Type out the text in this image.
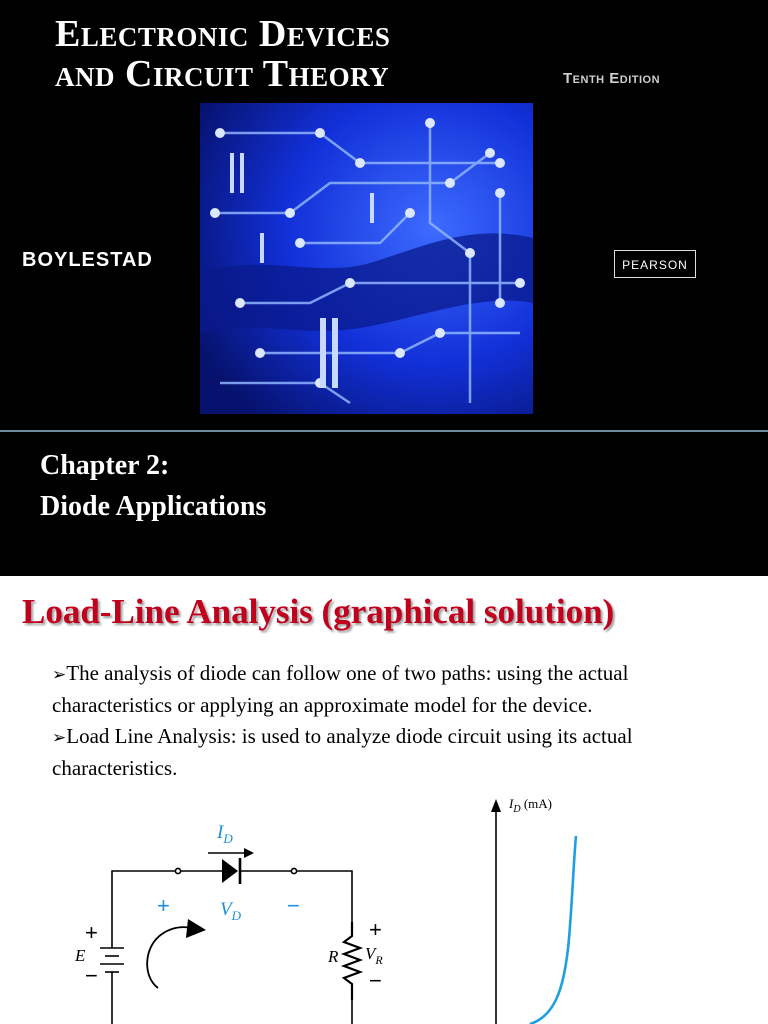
Electronic Devices
and Circuit Theory	Tenth Edition
BOYLESTAD	PEARSON
Chapter 2:
Diode Applications
Load-Line Analysis (graphical solution)

➢The analysis of diode can follow one of two paths: using the actual characteristics or applying an approximate model for the device.

➢Load Line Analysis: is used to analyze diode circuit using its actual characteristics.

$I_D$
$V_D$
E	R $V_R$
+	−
+
−
+
−
$I_D$ (mA)
